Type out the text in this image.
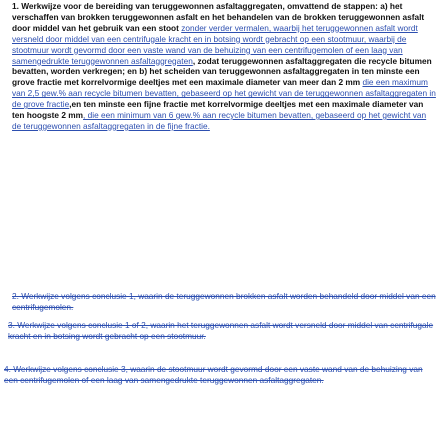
1. Werkwijze voor de bereiding van teruggewonnen asfaltaggregaten, omvattend de stappen: a) het verschaffen van brokken teruggewonnen asfalt en het behandelen van de brokken teruggewonnen asfalt door middel van het gebruik van een stoot zonder verder vermalen, waarbij het teruggewonnen asfalt wordt versneld door middel van een centrifugale kracht en in botsing wordt gebracht op een stootmuur, waarbij de stootmuur wordt gevormd door een vaste wand van de behuizing van een centrifugemolen of een laag van samengedrukte teruggewonnen asfaltaggregaten, zodat teruggewonnen asfaltaggregaten die recycle bitumen bevatten, worden verkregen; en b) het scheiden van teruggewonnen asfaltaggregaten in ten minste een grove fractie met korrelvormige deeltjes met een maximale diameter van meer dan 2 mm die een maximum van 2,5 gew.% aan recycle bitumen bevatten, gebaseerd op het gewicht van de teruggewonnen asfaltaggregaten in de grove fractie,en ten minste een fijne fractie met korrelvormige deeltjes met een maximale diameter van ten hoogste 2 mm, die een minimum van 6 gew.% aan recycle bitumen bevatten, gebaseerd op het gewicht van de teruggewonnen asfaltaggregaten in de fijne fractie.

2. Werkwijze volgens conclusie 1, waarin de teruggewonnen brokken asfalt worden behandeld door middel van een centrifugemolen.

3. Werkwijze volgens conclusie 1 of 2, waarin het teruggewonnen asfalt wordt versneld door middel van centrifugale kracht en in botsing wordt gebracht op een stootmuur.

4. Werkwijze volgens conclusie 3, waarin de stootmuur wordt gevormd door een vaste wand van de behuizing van een centrifugemolen of een laag van samengedrukte teruggewonnen asfaltaggregaten.
